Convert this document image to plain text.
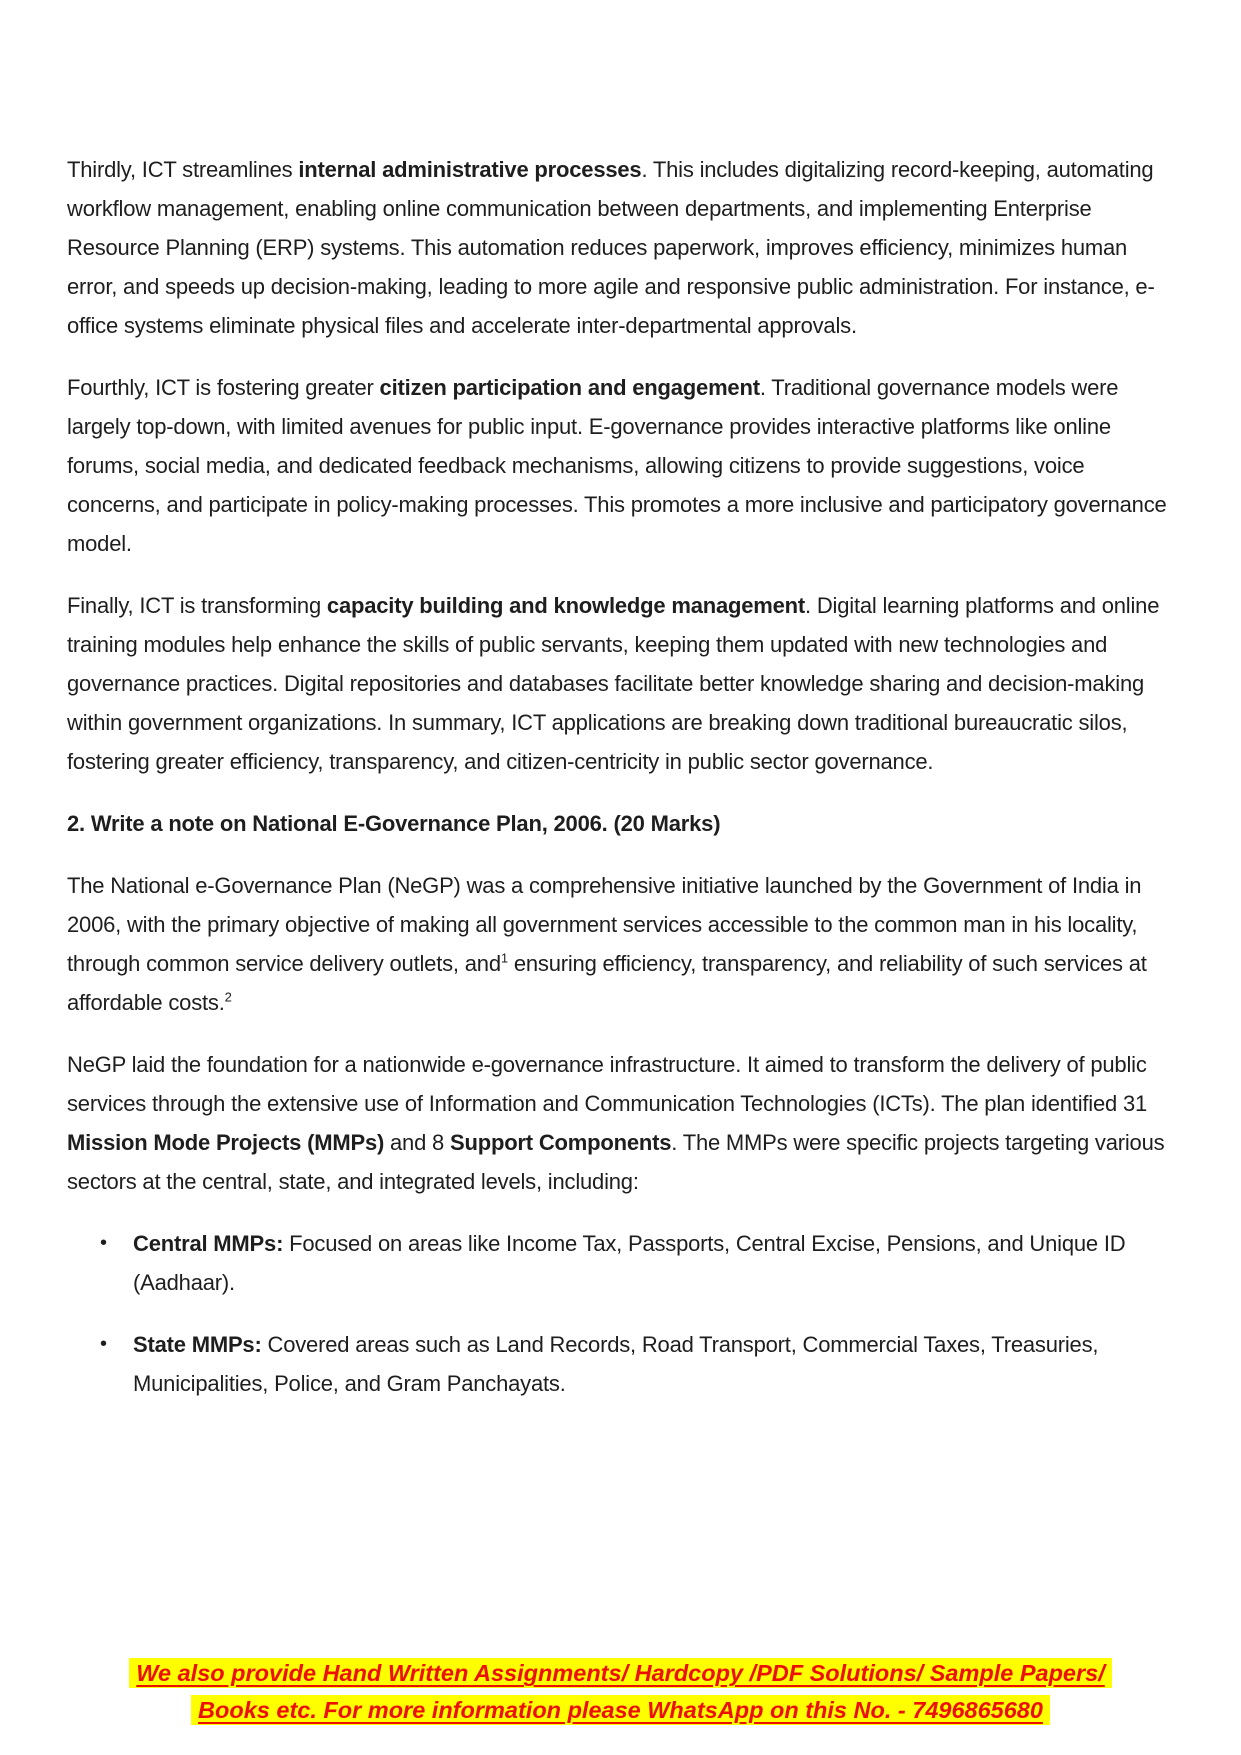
Thirdly, ICT streamlines internal administrative processes. This includes digitalizing record-keeping, automating workflow management, enabling online communication between departments, and implementing Enterprise Resource Planning (ERP) systems. This automation reduces paperwork, improves efficiency, minimizes human error, and speeds up decision-making, leading to more agile and responsive public administration. For instance, e-office systems eliminate physical files and accelerate inter-departmental approvals.

Fourthly, ICT is fostering greater citizen participation and engagement. Traditional governance models were largely top-down, with limited avenues for public input. E-governance provides interactive platforms like online forums, social media, and dedicated feedback mechanisms, allowing citizens to provide suggestions, voice concerns, and participate in policy-making processes. This promotes a more inclusive and participatory governance model.

Finally, ICT is transforming capacity building and knowledge management. Digital learning platforms and online training modules help enhance the skills of public servants, keeping them updated with new technologies and governance practices. Digital repositories and databases facilitate better knowledge sharing and decision-making within government organizations. In summary, ICT applications are breaking down traditional bureaucratic silos, fostering greater efficiency, transparency, and citizen-centricity in public sector governance.

2. Write a note on National E-Governance Plan, 2006. (20 Marks)

The National e-Governance Plan (NeGP) was a comprehensive initiative launched by the Government of India in 2006, with the primary objective of making all government services accessible to the common man in his locality, through common service delivery outlets, and$^1$ ensuring efficiency, transparency, and reliability of such services at affordable costs.$^2$

NeGP laid the foundation for a nationwide e-governance infrastructure. It aimed to transform the delivery of public services through the extensive use of Information and Communication Technologies (ICTs). The plan identified 31 Mission Mode Projects (MMPs) and 8 Support Components. The MMPs were specific projects targeting various sectors at the central, state, and integrated levels, including:

• Central MMPs: Focused on areas like Income Tax, Passports, Central Excise, Pensions, and Unique ID (Aadhaar).
• State MMPs: Covered areas such as Land Records, Road Transport, Commercial Taxes, Treasuries, Municipalities, Police, and Gram Panchayats.
We also provide Hand Written Assignments/ Hardcopy /PDF Solutions/ Sample Papers/ Books etc. For more information please WhatsApp on this No. - 7496865680
